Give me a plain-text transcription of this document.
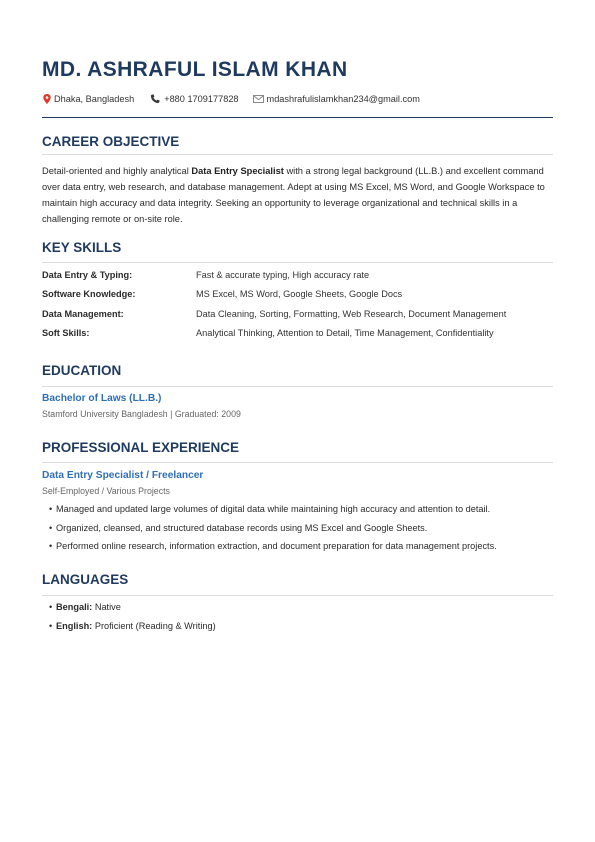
MD. ASHRAFUL ISLAM KHAN
Dhaka, Bangladesh	+880 1709177828	mdashrafulislamkhan234@gmail.com
CAREER OBJECTIVE

Detail-oriented and highly analytical Data Entry Specialist with a strong legal background (LL.B.) and excellent command over data entry, web research, and database management. Adept at using MS Excel, MS Word, and Google Workspace to maintain high accuracy and data integrity. Seeking an opportunity to leverage organizational and technical skills in a challenging remote or on-site role.

KEY SKILLS
Data Entry & Typing:	Fast & accurate typing, High accuracy rate
Software Knowledge:	MS Excel, MS Word, Google Sheets, Google Docs
Data Management:	Data Cleaning, Sorting, Formatting, Web Research, Document Management
Soft Skills:	Analytical Thinking, Attention to Detail, Time Management, Confidentiality
EDUCATION

Bachelor of Laws (LL.B.)

Stamford University Bangladesh | Graduated: 2009

PROFESSIONAL EXPERIENCE

Data Entry Specialist / Freelancer

Self-Employed / Various Projects

• Managed and updated large volumes of digital data while maintaining high accuracy and attention to detail.
• Organized, cleansed, and structured database records using MS Excel and Google Sheets.
• Performed online research, information extraction, and document preparation for data management projects.
LANGUAGES
• Bengali: Native
• English: Proficient (Reading & Writing)
